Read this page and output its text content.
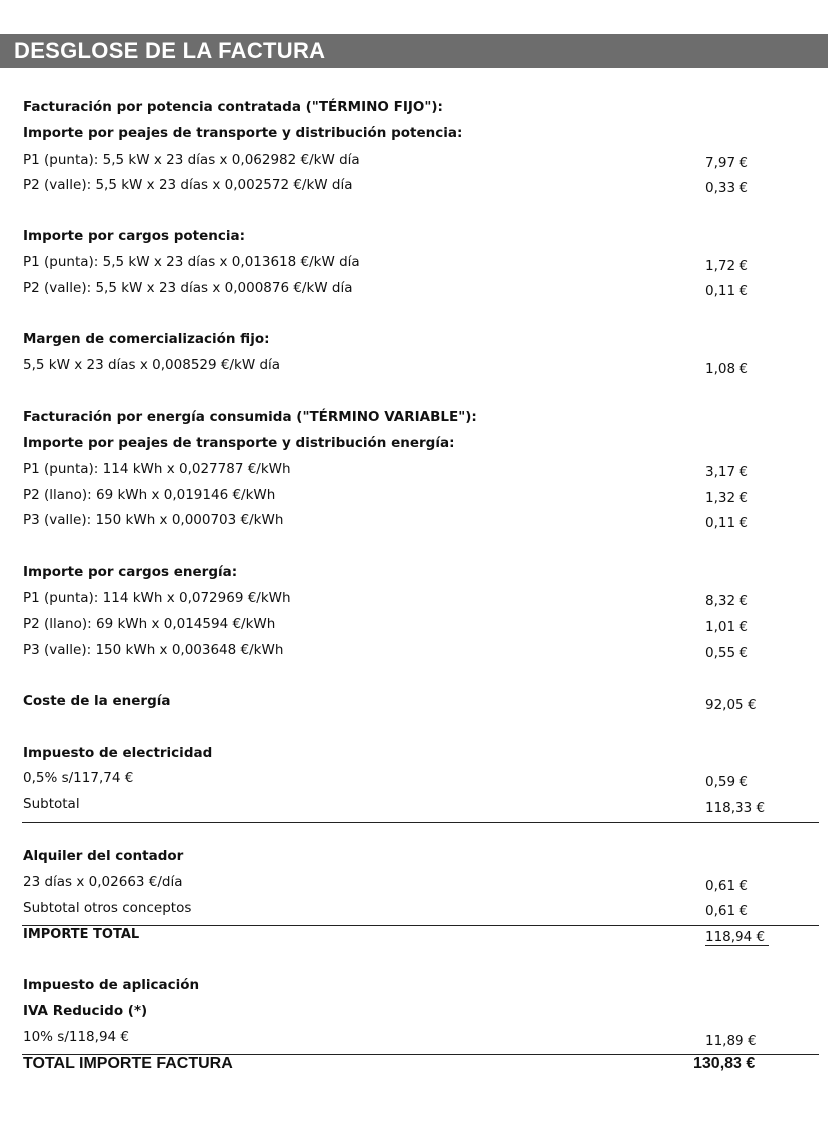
DESGLOSE DE LA FACTURA
Facturación por potencia contratada ("TÉRMINO FIJO"):
Importe por peajes de transporte y distribución potencia:
P1 (punta): 5,5 kW x 23 días x 0,062982 €/kW día	7,97 €
P2 (valle): 5,5 kW x 23 días x 0,002572 €/kW día	0,33 €
Importe por cargos potencia:
P1 (punta): 5,5 kW x 23 días x 0,013618 €/kW día	1,72 €
P2 (valle): 5,5 kW x 23 días x 0,000876 €/kW día	0,11 €
Margen de comercialización fijo:
5,5 kW x 23 días x 0,008529 €/kW día	1,08 €
Facturación por energía consumida ("TÉRMINO VARIABLE"):
Importe por peajes de transporte y distribución energía:
P1 (punta): 114 kWh x 0,027787 €/kWh	3,17 €
P2 (llano): 69 kWh x 0,019146 €/kWh	1,32 €
P3 (valle): 150 kWh x 0,000703 €/kWh	0,11 €
Importe por cargos energía:
P1 (punta): 114 kWh x 0,072969 €/kWh	8,32 €
P2 (llano): 69 kWh x 0,014594 €/kWh	1,01 €
P3 (valle): 150 kWh x 0,003648 €/kWh	0,55 €
Coste de la energía	92,05 €
Impuesto de electricidad
0,5% s/117,74 €	0,59 €
Subtotal	118,33 €
Alquiler del contador
23 días x 0,02663 €/día	0,61 €
Subtotal otros conceptos	0,61 €
IMPORTE TOTAL	118,94 €
Impuesto de aplicación
IVA Reducido (*)
10% s/118,94 €	11,89 €
TOTAL IMPORTE FACTURA	130,83 €
